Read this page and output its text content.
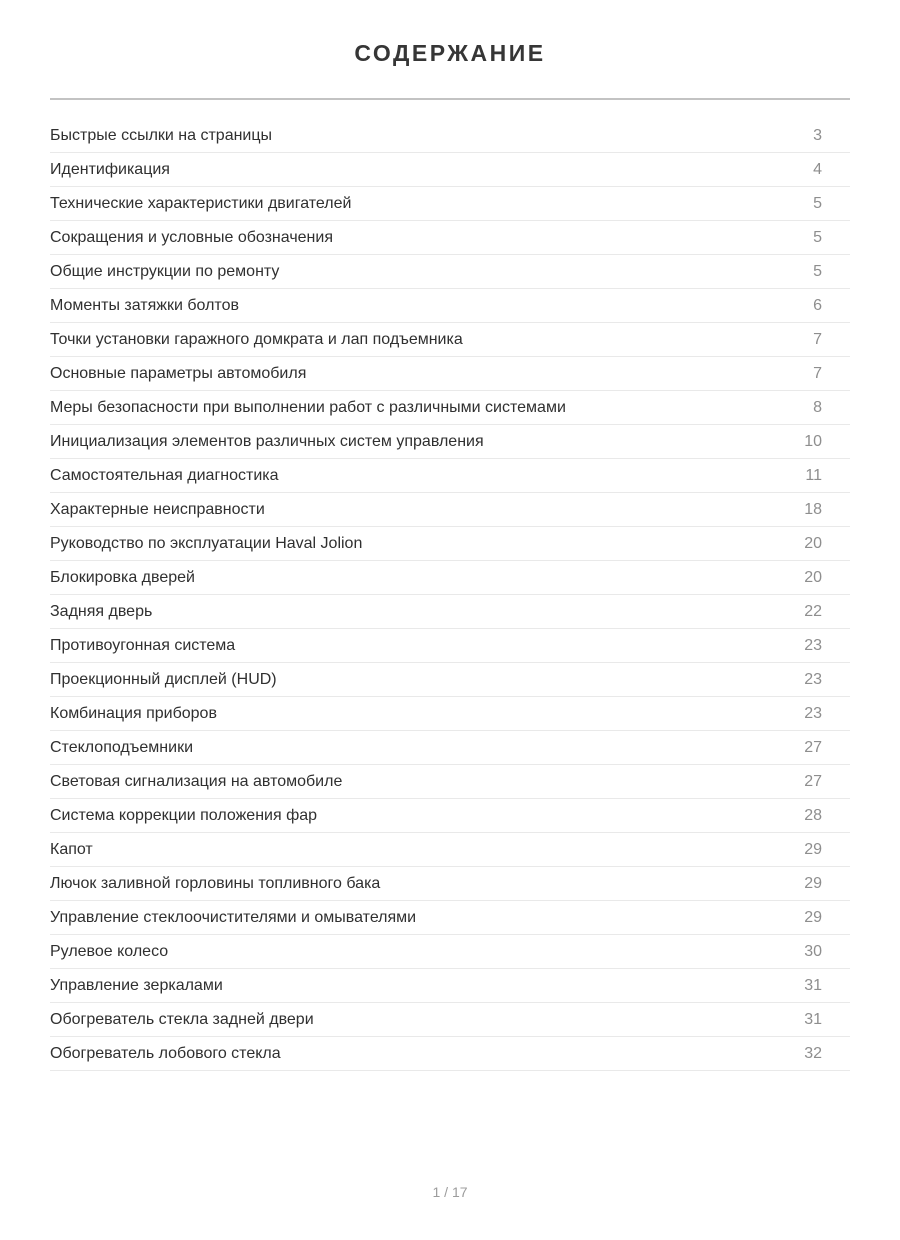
СОДЕРЖАНИЕ
Быстрые ссылки на страницы	3
Идентификация	4
Технические характеристики двигателей	5
Сокращения и условные обозначения	5
Общие инструкции по ремонту	5
Моменты затяжки болтов	6
Точки установки гаражного домкрата и лап подъемника	7
Основные параметры автомобиля	7
Меры безопасности при выполнении работ с различными системами	8
Инициализация элементов различных систем управления	10
Самостоятельная диагностика	11
Характерные неисправности	18
Руководство по эксплуатации Haval Jolion	20
Блокировка дверей	20
Задняя дверь	22
Противоугонная система	23
Проекционный дисплей (HUD)	23
Комбинация приборов	23
Стеклоподъемники	27
Световая сигнализация на автомобиле	27
Система коррекции положения фар	28
Капот	29
Лючок заливной горловины топливного бака	29
Управление стеклоочистителями и омывателями	29
Рулевое колесо	30
Управление зеркалами	31
Обогреватель стекла задней двери	31
Обогреватель лобового стекла	32
1 / 17
